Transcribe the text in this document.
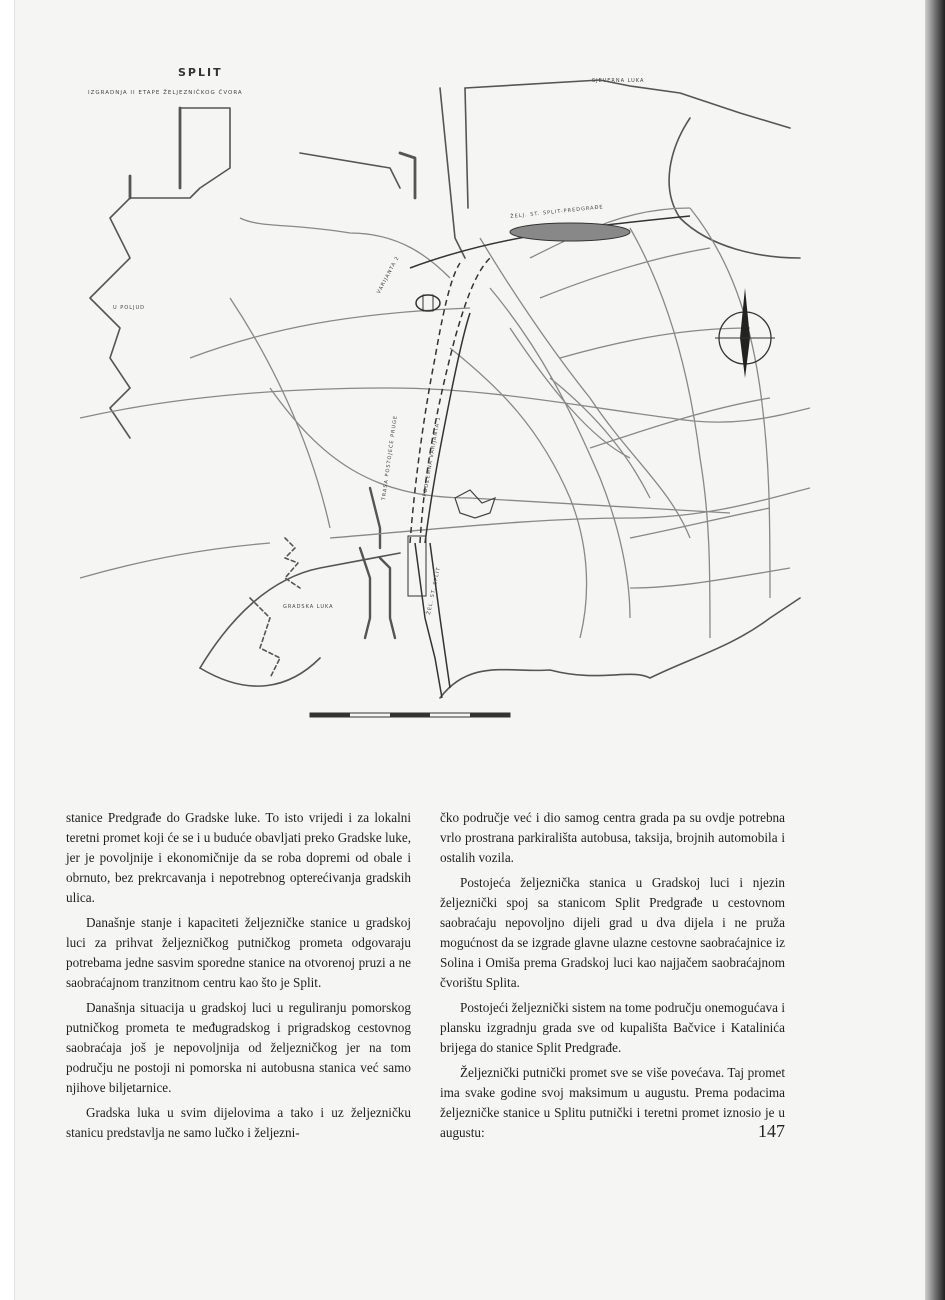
SPLIT
IZGRADNJA II ETAPE ŽELJEZNIČKOG ČVORA
SJEVERNA LUKA
U POLJUD
GRADSKA LUKA
ŽELJ. ST. SPLIT-PREDGRAĐE
VARIJANTA 2
TRASA POSTOJEĆE PRUGE	PODZEMNA VARIJANTA 1
ŽEL. ST. SPLIT

stanice Predgrađe do Gradske luke. To isto vrijedi i za lokalni teretni promet koji će se i u buduće obavljati preko Gradske luke, jer je povoljnije i ekonomičnije da se roba dopremi od obale i obrnuto, bez prekrcavanja i nepotrebnog opterećivanja gradskih ulica.

Današnje stanje i kapaciteti željezničke stanice u gradskoj luci za prihvat željezničkog putničkog prometa odgovaraju potrebama jedne sasvim sporedne stanice na otvorenoj pruzi a ne saobraćajnom tranzitnom centru kao što je Split.

Današnja situacija u gradskoj luci u reguliranju pomorskog putničkog prometa te međugradskog i prigradskog cestovnog saobraćaja još je nepovoljnija od željezničkog jer na tom području ne postoji ni pomorska ni autobusna stanica već samo njihove biljetarnice.

Gradska luka u svim dijelovima a tako i uz željezničku stanicu predstavlja ne samo lučko i željezni-

čko područje već i dio samog centra grada pa su ovdje potrebna vrlo prostrana parkirališta autobusa, taksija, brojnih automobila i ostalih vozila.

Postojeća željeznička stanica u Gradskoj luci i njezin željeznički spoj sa stanicom Split Predgrađe u cestovnom saobraćaju nepovoljno dijeli grad u dva dijela i ne pruža mogućnost da se izgrade glavne ulazne cestovne saobraćajnice iz Solina i Omiša prema Gradskoj luci kao najjačem saobraćajnom čvorištu Splita.

Postojeći željeznički sistem na tome području onemogućava i plansku izgradnju grada sve od kupališta Bačvice i Katalinića brijega do stanice Split Predgrađe.

Željeznički putnički promet sve se više povećava. Taj promet ima svake godine svoj maksimum u augustu. Prema podacima željezničke stanice u Splitu putnički i teretni promet iznosio je u augustu:	147
